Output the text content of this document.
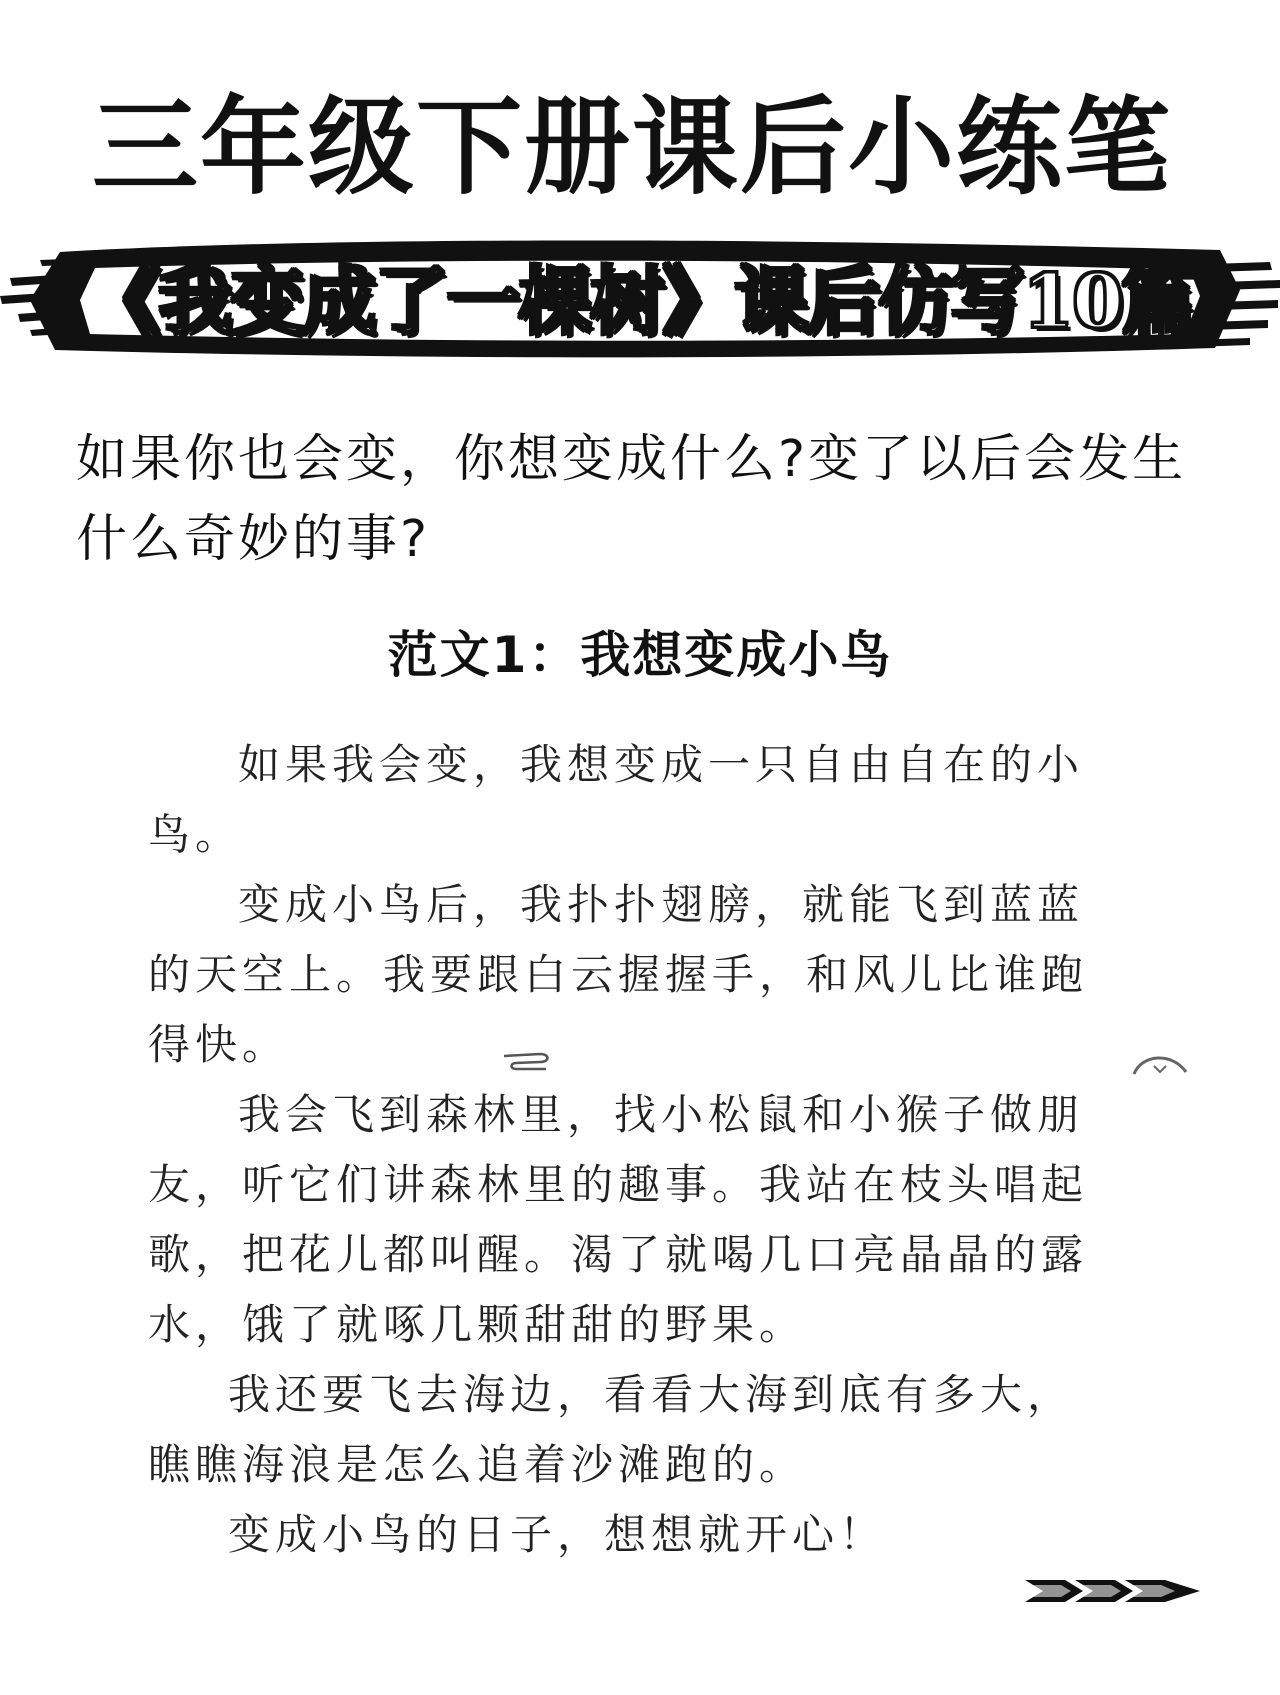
三年级下册课后小练笔
《我变成了一棵树》课后仿写10篇

如果你也会变，你想变成什么?变了以后会发生什么奇妙的事?

范文1：我想变成小鸟

如果我会变，我想变成一只自由自在的小鸟。

变成小鸟后，我扑扑翅膀，就能飞到蓝蓝的天空上。我要跟白云握握手，和风儿比谁跑得快。

我会飞到森林里，找小松鼠和小猴子做朋友，听它们讲森林里的趣事。我站在枝头唱起歌，把花儿都叫醒。渴了就喝几口亮晶晶的露水，饿了就啄几颗甜甜的野果。

我还要飞去海边，看看大海到底有多大，瞧瞧海浪是怎么追着沙滩跑的。

变成小鸟的日子，想想就开心！
